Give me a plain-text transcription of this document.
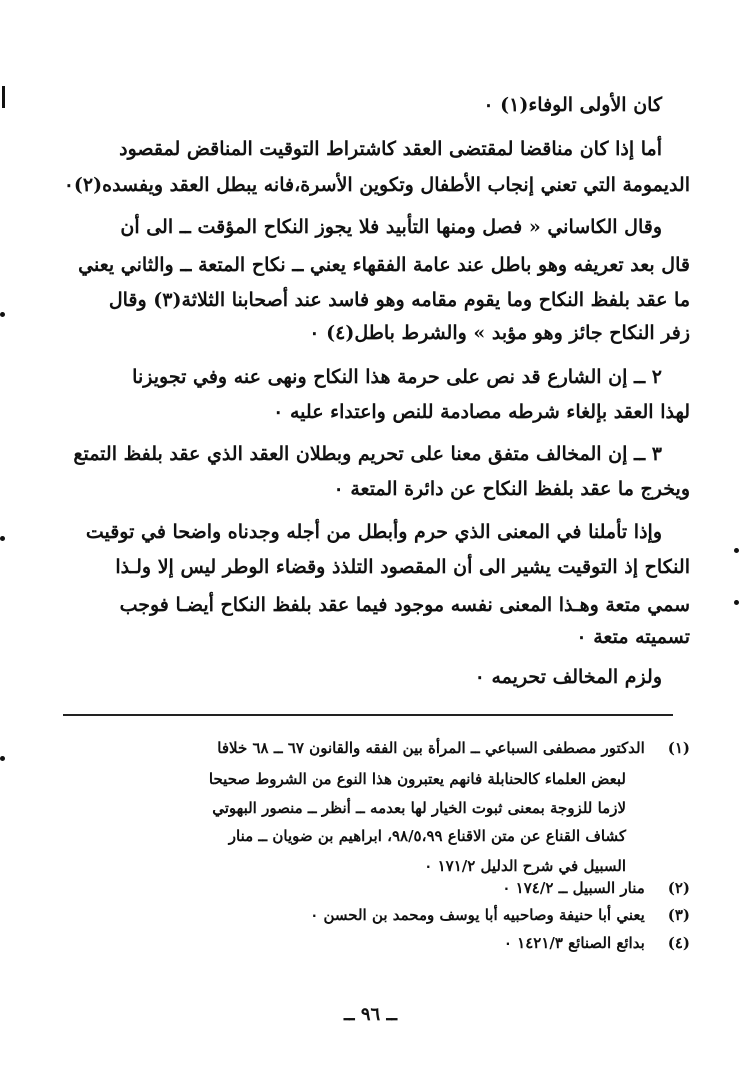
كان الأولى الوفاء(١) ٠
أما إذا كان مناقضا لمقتضى العقد كاشتراط التوقيت المناقض لمقصود
الديمومة التي تعني إنجاب الأطفال وتكوين الأسرة،فانه يبطل العقد ويفسده(٢)٠
وقال الكاساني « فصل ومنها التأبيد فلا يجوز النكاح المؤقت ــ الى أن
قال بعد تعريفه وهو باطل عند عامة الفقهاء يعني ــ نكاح المتعة ــ والثاني يعني
ما عقد بلفظ النكاح وما يقوم مقامه وهو فاسد عند أصحابنا الثلاثة(٣) وقال
زفر النكاح جائز وهو مؤبد » والشرط باطل(٤) ٠
٢ ــ إن الشارع قد نص على حرمة هذا النكاح ونهى عنه وفي تجويزنا
لهذا العقد بإلغاء شرطه مصادمة للنص واعتداء عليه ٠
٣ ــ إن المخالف متفق معنا على تحريم وبطلان العقد الذي عقد بلفظ التمتع
ويخرج ما عقد بلفظ النكاح عن دائرة المتعة ٠
وإذا تأملنا في المعنى الذي حرم وأبطل من أجله وجدناه واضحا في توقيت
النكاح إذ التوقيت يشير الى أن المقصود التلذذ وقضاء الوطر ليس إلا ولـذا
سمي متعة وهـذا المعنى نفسه موجود فيما عقد بلفظ النكاح أيضـا فوجب
تسميته متعة ٠
ولزم المخالف تحريمه ٠
(١) الدكتور مصطفى السباعي ــ المرأة بين الفقه والقانون ٦٧ ــ ٦٨ خلافا
لبعض العلماء كالحنابلة فانهم يعتبرون هذا النوع من الشروط صحيحا
لازما للزوجة بمعنى ثبوت الخيار لها بعدمه ــ أنظر ــ منصور البهوتي
كشاف القناع عن متن الاقناع ٩٨/٥،٩٩، ابراهيم بن ضويان ــ منار
السبيل في شرح الدليل ١٧١/٢ ٠
(٢) منار السبيل ــ ١٧٤/٢ ٠
(٣) يعني أبا حنيفة وصاحبيه أبا يوسف ومحمد بن الحسن ٠
(٤) بدائع الصنائع ١٤٢١/٣ ٠
ــ ٩٦ ــ
